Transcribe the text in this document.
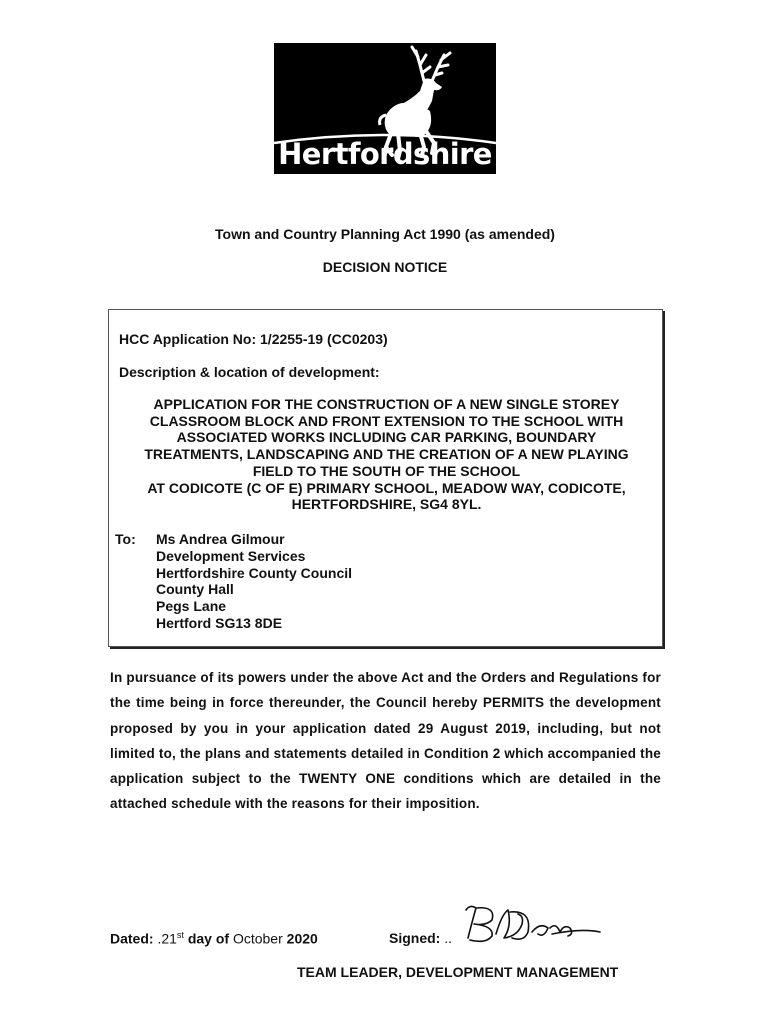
Hertfordshire
Town and Country Planning Act 1990 (as amended)
DECISION NOTICE
HCC Application No: 1/2255-19 (CC0203)
Description & location of development:
APPLICATION FOR THE CONSTRUCTION OF A NEW SINGLE STOREY
CLASSROOM BLOCK AND FRONT EXTENSION TO THE SCHOOL WITH
ASSOCIATED WORKS INCLUDING CAR PARKING, BOUNDARY
TREATMENTS, LANDSCAPING AND THE CREATION OF A NEW PLAYING
FIELD TO THE SOUTH OF THE SCHOOL
AT CODICOTE (C OF E) PRIMARY SCHOOL, MEADOW WAY, CODICOTE,
HERTFORDSHIRE, SG4 8YL.
To: Ms Andrea Gilmour
Development Services
Hertfordshire County Council
County Hall
Pegs Lane
Hertford SG13 8DE
In pursuance of its powers under the above Act and the Orders and Regulations for the time being in force thereunder, the Council hereby PERMITS the development proposed by you in your application dated 29 August 2019, including, but not limited to, the plans and statements detailed in Condition 2 which accompanied the application subject to the TWENTY ONE conditions which are detailed in the attached schedule with the reasons for their imposition.
Dated: .21st day of October 2020	Signed: ..
TEAM LEADER, DEVELOPMENT MANAGEMENT
